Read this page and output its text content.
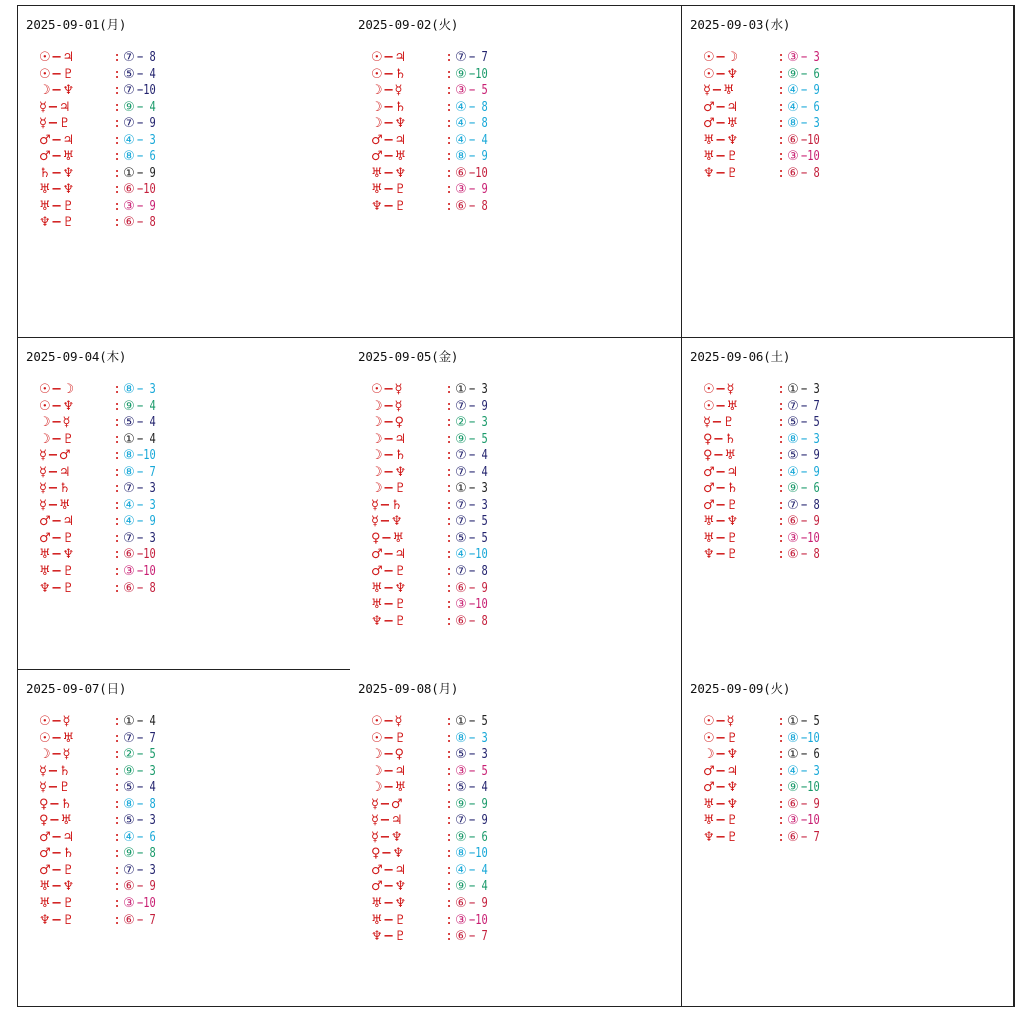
2025-09-01(月)
☉−♃	: ⑦ − 8
☉−♇	: ⑤ − 4
☽−♆	: ⑦ −10
☿−♃	: ⑨ − 4
☿−♇	: ⑦ − 9
♂−♃	: ④ − 3
♂−♅	: ⑧ − 6
♄−♆	: ① − 9
♅−♆	: ⑥ −10
♅−♇	: ③ − 9
♆−♇	: ⑥ − 8
2025-09-02(火)
☉−♃	: ⑦ − 7
☉−♄	: ⑨ −10
☽−☿	: ③ − 5
☽−♄	: ④ − 8
☽−♆	: ④ − 8
♂−♃	: ④ − 4
♂−♅	: ⑧ − 9
♅−♆	: ⑥ −10
♅−♇	: ③ − 9
♆−♇	: ⑥ − 8
2025-09-03(水)
☉−☽	: ③ − 3
☉−♆	: ⑨ − 6
☿−♅	: ④ − 9
♂−♃	: ④ − 6
♂−♅	: ⑧ − 3
♅−♆	: ⑥ −10
♅−♇	: ③ −10
♆−♇	: ⑥ − 8
2025-09-04(木)
☉−☽	: ⑧ − 3
☉−♆	: ⑨ − 4
☽−☿	: ⑤ − 4
☽−♇	: ① − 4
☿−♂	: ⑧ −10
☿−♃	: ⑧ − 7
☿−♄	: ⑦ − 3
☿−♅	: ④ − 3
♂−♃	: ④ − 9
♂−♇	: ⑦ − 3
♅−♆	: ⑥ −10
♅−♇	: ③ −10
♆−♇	: ⑥ − 8
2025-09-05(金)
☉−☿	: ① − 3
☽−☿	: ⑦ − 9
☽−♀	: ② − 3
☽−♃	: ⑨ − 5
☽−♄	: ⑦ − 4
☽−♆	: ⑦ − 4
☽−♇	: ① − 3
☿−♄	: ⑦ − 3
☿−♆	: ⑦ − 5
♀−♅	: ⑤ − 5
♂−♃	: ④ −10
♂−♇	: ⑦ − 8
♅−♆	: ⑥ − 9
♅−♇	: ③ −10
♆−♇	: ⑥ − 8
2025-09-06(土)
☉−☿	: ① − 3
☉−♅	: ⑦ − 7
☿−♇	: ⑤ − 5
♀−♄	: ⑧ − 3
♀−♅	: ⑤ − 9
♂−♃	: ④ − 9
♂−♄	: ⑨ − 6
♂−♇	: ⑦ − 8
♅−♆	: ⑥ − 9
♅−♇	: ③ −10
♆−♇	: ⑥ − 8
2025-09-07(日)
☉−☿	: ① − 4
☉−♅	: ⑦ − 7
☽−☿	: ② − 5
☿−♄	: ⑨ − 3
☿−♇	: ⑤ − 4
♀−♄	: ⑧ − 8
♀−♅	: ⑤ − 3
♂−♃	: ④ − 6
♂−♄	: ⑨ − 8
♂−♇	: ⑦ − 3
♅−♆	: ⑥ − 9
♅−♇	: ③ −10
♆−♇	: ⑥ − 7
2025-09-08(月)
☉−☿	: ① − 5
☉−♇	: ⑧ − 3
☽−♀	: ⑤ − 3
☽−♃	: ③ − 5
☽−♅	: ⑤ − 4
☿−♂	: ⑨ − 9
☿−♃	: ⑦ − 9
☿−♆	: ⑨ − 6
♀−♆	: ⑧ −10
♂−♃	: ④ − 4
♂−♆	: ⑨ − 4
♅−♆	: ⑥ − 9
♅−♇	: ③ −10
♆−♇	: ⑥ − 7
2025-09-09(火)
☉−☿	: ① − 5
☉−♇	: ⑧ −10
☽−♆	: ① − 6
♂−♃	: ④ − 3
♂−♆	: ⑨ −10
♅−♆	: ⑥ − 9
♅−♇	: ③ −10
♆−♇	: ⑥ − 7
